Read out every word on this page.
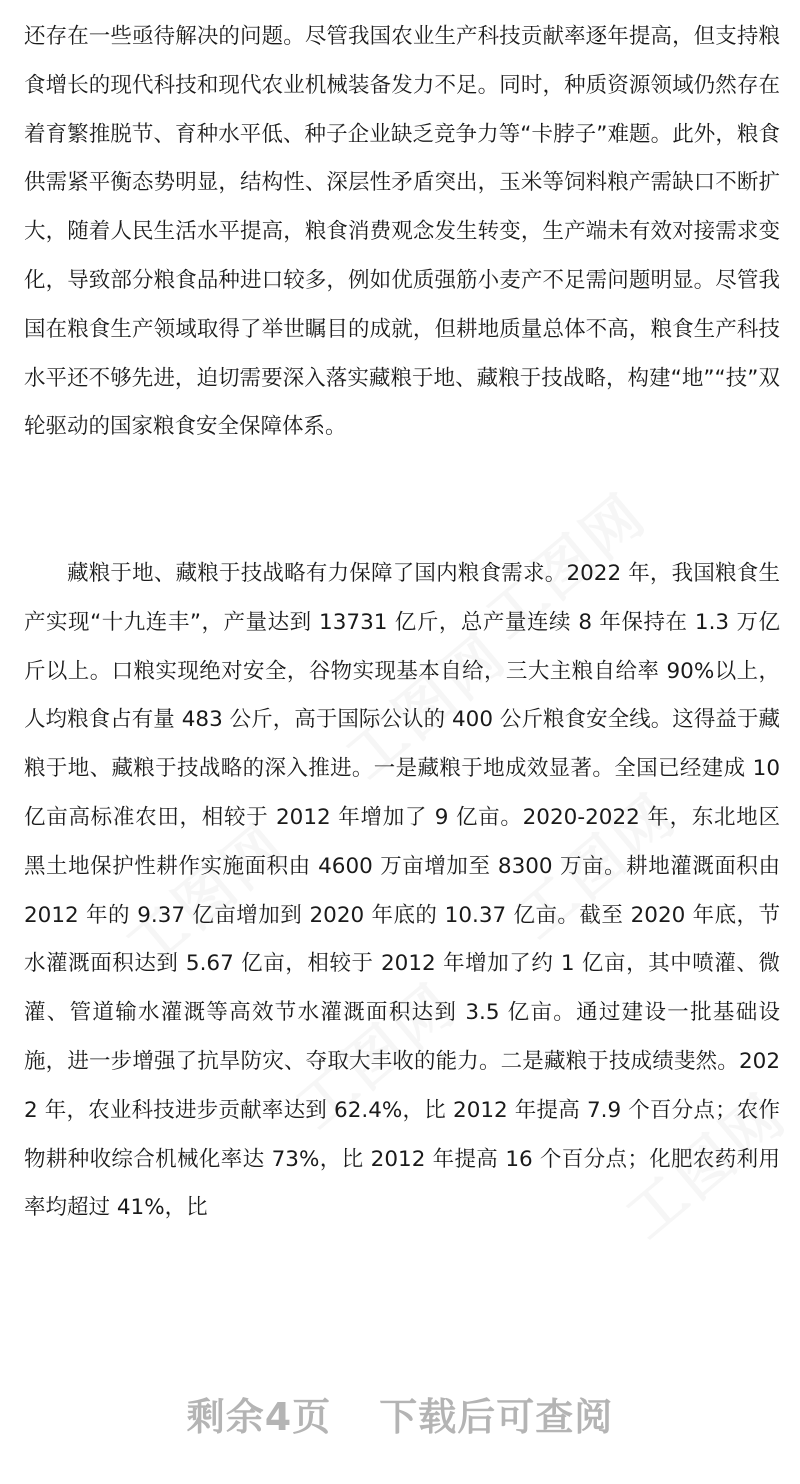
还存在一些亟待解决的问题。尽管我国农业生产科技贡献率逐年提高，但支持粮食增长的现代科技和现代农业机械装备发力不足。同时，种质资源领域仍然存在着育繁推脱节、育种水平低、种子企业缺乏竞争力等“卡脖子”难题。此外，粮食供需紧平衡态势明显，结构性、深层性矛盾突出，玉米等饲料粮产需缺口不断扩大，随着人民生活水平提高，粮食消费观念发生转变，生产端未有效对接需求变化，导致部分粮食品种进口较多，例如优质强筋小麦产不足需问题明显。尽管我国在粮食生产领域取得了举世瞩目的成就，但耕地质量总体不高，粮食生产科技水平还不够先进，迫切需要深入落实藏粮于地、藏粮于技战略，构建“地”“技”双轮驱动的国家粮食安全保障体系。

藏粮于地、藏粮于技战略有力保障了国内粮食需求。2022 年，我国粮食生产实现“十九连丰”，产量达到 13731 亿斤，总产量连续 8 年保持在 1.3 万亿斤以上。口粮实现绝对安全，谷物实现基本自给，三大主粮自给率 90%以上，人均粮食占有量 483 公斤，高于国际公认的 400 公斤粮食安全线。这得益于藏粮于地、藏粮于技战略的深入推进。一是藏粮于地成效显著。全国已经建成 10 亿亩高标准农田，相较于 2012 年增加了 9 亿亩。2020-2022 年，东北地区黑土地保护性耕作实施面积由 4600 万亩增加至 8300 万亩。耕地灌溉面积由 2012 年的 9.37 亿亩增加到 2020 年底的 10.37 亿亩。截至 2020 年底，节水灌溉面积达到 5.67 亿亩，相较于 2012 年增加了约 1 亿亩，其中喷灌、微灌、管道输水灌溉等高效节水灌溉面积达到 3.5 亿亩。通过建设一批基础设施，进一步增强了抗旱防灾、夺取大丰收的能力。二是藏粮于技成绩斐然。2022 年，农业科技进步贡献率达到 62.4%，比 2012 年提高 7.9 个百分点；农作物耕种收综合机械化率达 73%，比 2012 年提高 16 个百分点；化肥农药利用率均超过 41%，比

剩余4页 下载后可查阅
